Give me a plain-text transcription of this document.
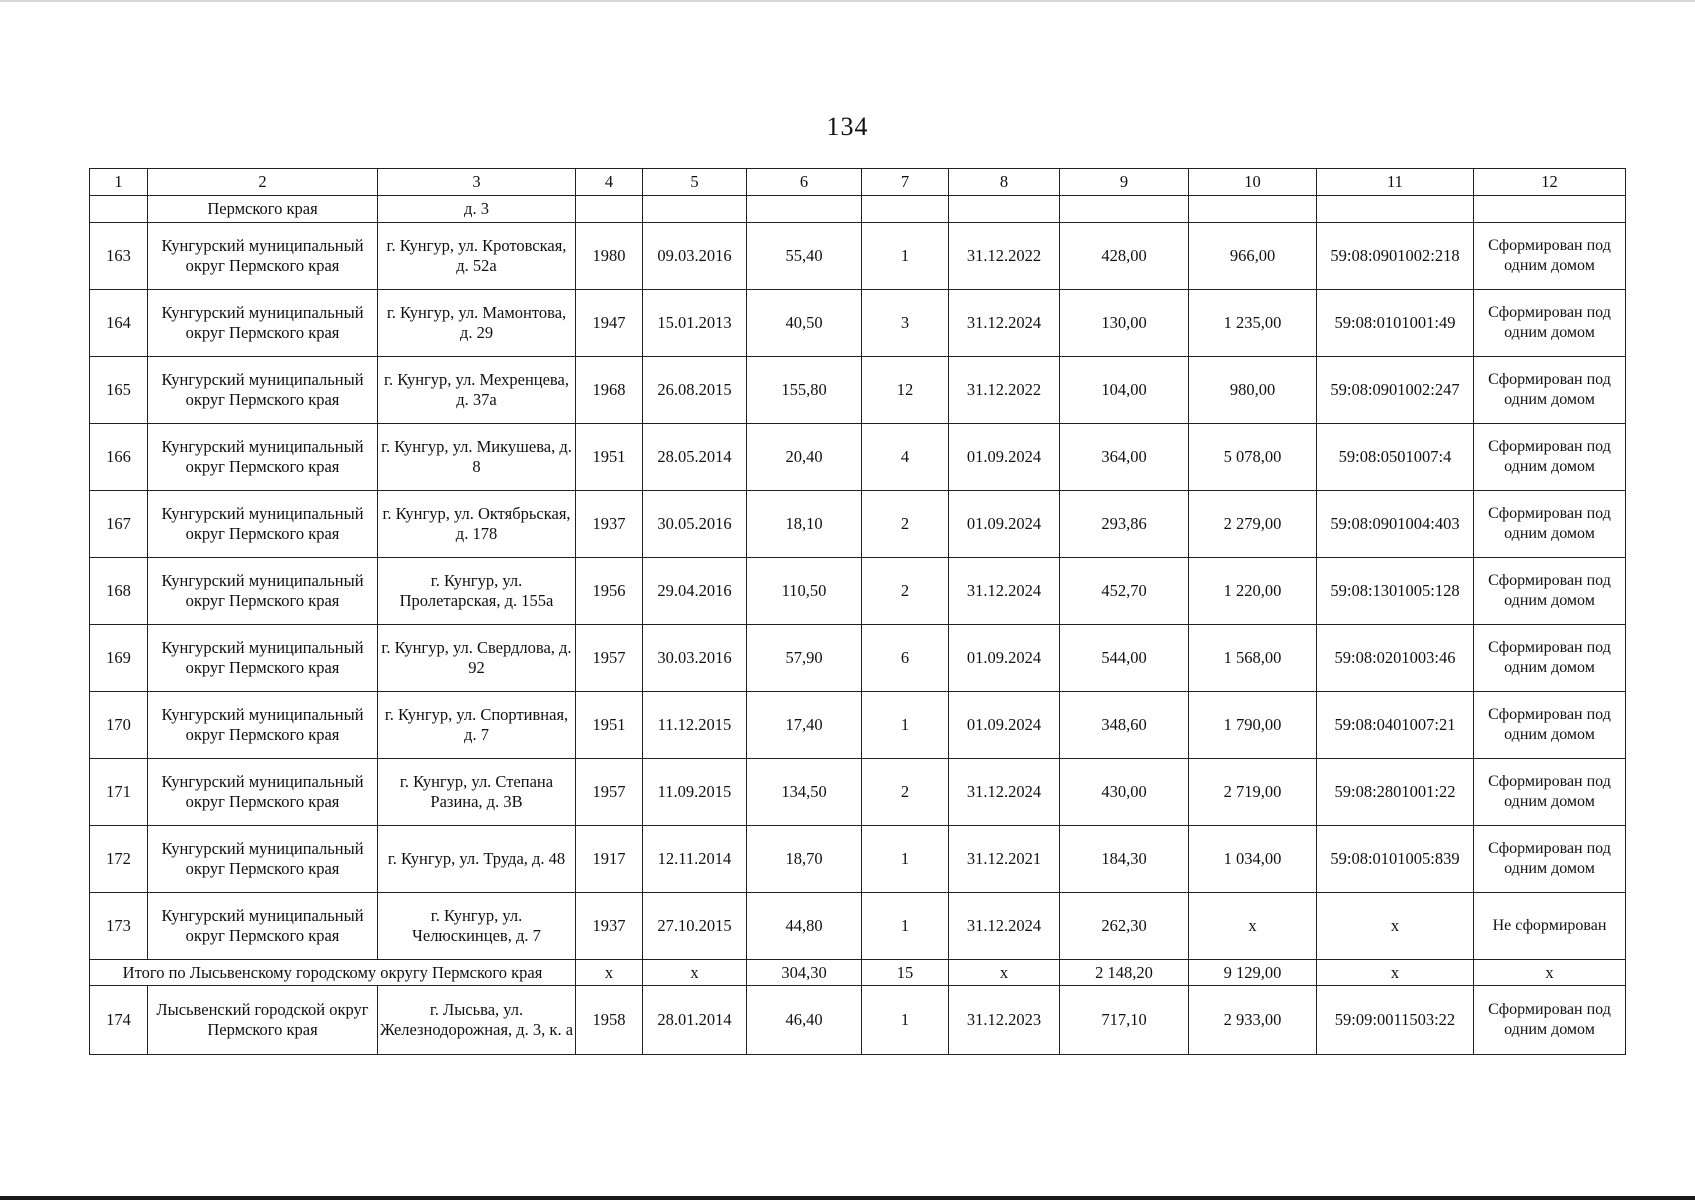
134
1	2	3	4	5	6	7	8	9	10	11	12
	Пермского края	д. 3									
163	Кунгурский муниципальный округ Пермского края	г. Кунгур, ул. Кротовская, д. 52а	1980	09.03.2016	55,40	1	31.12.2022	428,00	966,00	59:08:0901002:218	Сформирован под одним домом
164	Кунгурский муниципальный округ Пермского края	г. Кунгур, ул. Мамонтова, д. 29	1947	15.01.2013	40,50	3	31.12.2024	130,00	1 235,00	59:08:0101001:49	Сформирован под одним домом
165	Кунгурский муниципальный округ Пермского края	г. Кунгур, ул. Мехренцева, д. 37а	1968	26.08.2015	155,80	12	31.12.2022	104,00	980,00	59:08:0901002:247	Сформирован под одним домом
166	Кунгурский муниципальный округ Пермского края	г. Кунгур, ул. Микушева, д. 8	1951	28.05.2014	20,40	4	01.09.2024	364,00	5 078,00	59:08:0501007:4	Сформирован под одним домом
167	Кунгурский муниципальный округ Пермского края	г. Кунгур, ул. Октябрьская, д. 178	1937	30.05.2016	18,10	2	01.09.2024	293,86	2 279,00	59:08:0901004:403	Сформирован под одним домом
168	Кунгурский муниципальный округ Пермского края	г. Кунгур, ул. Пролетарская, д. 155а	1956	29.04.2016	110,50	2	31.12.2024	452,70	1 220,00	59:08:1301005:128	Сформирован под одним домом
169	Кунгурский муниципальный округ Пермского края	г. Кунгур, ул. Свердлова, д. 92	1957	30.03.2016	57,90	6	01.09.2024	544,00	1 568,00	59:08:0201003:46	Сформирован под одним домом
170	Кунгурский муниципальный округ Пермского края	г. Кунгур, ул. Спортивная, д. 7	1951	11.12.2015	17,40	1	01.09.2024	348,60	1 790,00	59:08:0401007:21	Сформирован под одним домом
171	Кунгурский муниципальный округ Пермского края	г. Кунгур, ул. Степана Разина, д. 3В	1957	11.09.2015	134,50	2	31.12.2024	430,00	2 719,00	59:08:2801001:22	Сформирован под одним домом
172	Кунгурский муниципальный округ Пермского края	г. Кунгур, ул. Труда, д. 48	1917	12.11.2014	18,70	1	31.12.2021	184,30	1 034,00	59:08:0101005:839	Сформирован под одним домом
173	Кунгурский муниципальный округ Пермского края	г. Кунгур, ул. Челюскинцев, д. 7	1937	27.10.2015	44,80	1	31.12.2024	262,30	х	х	Не сформирован
Итого по Лысьвенскому городскому округу Пермского края			х	х	304,30	15	х	2 148,20	9 129,00	х	х
174	Лысьвенский городской округ Пермского края	г. Лысьва, ул. Железнодорожная, д. 3, к. а	1958	28.01.2014	46,40	1	31.12.2023	717,10	2 933,00	59:09:0011503:22	Сформирован под одним домом
